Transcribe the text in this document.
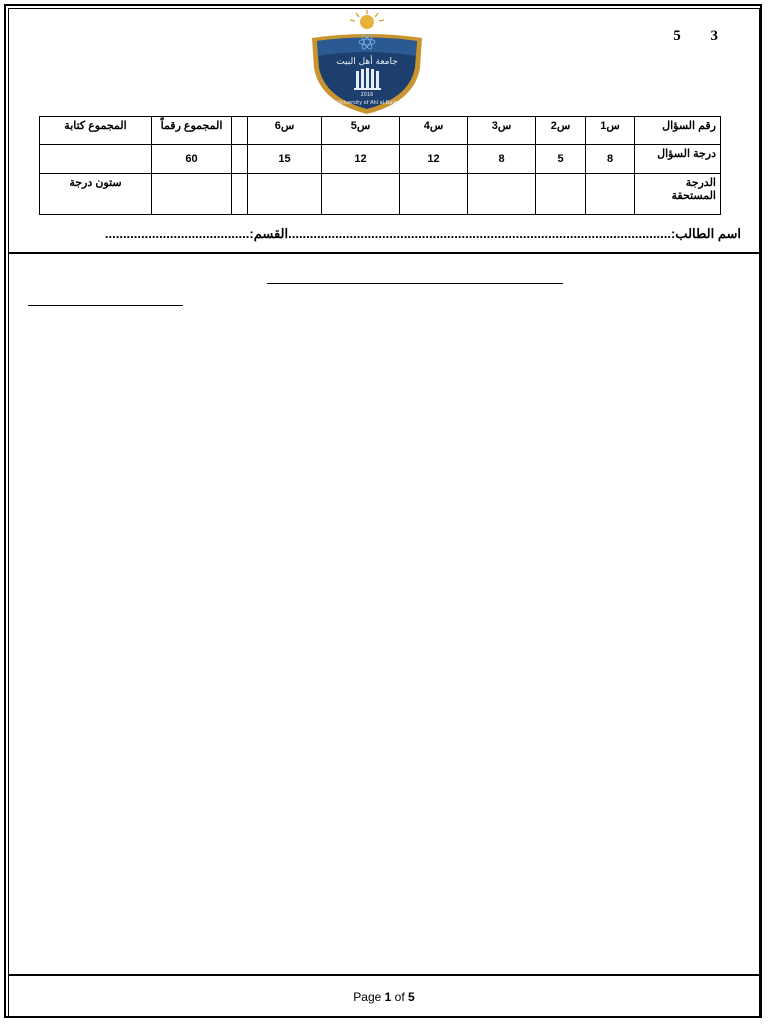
5 3
جامعة أهل البيت
2016
University of Ahl al-Bayt
رقم السؤال	س1	س2	س3	س4	س5	س6		المجموع رقماً	المجموع كتابة
درجة السؤال	8	5	8	12	12	15		60	
الدرجة المستحقة									ستون درجة
اسم الطالب:..........................................................................................................القسم:........................................
Page 1 of 5
